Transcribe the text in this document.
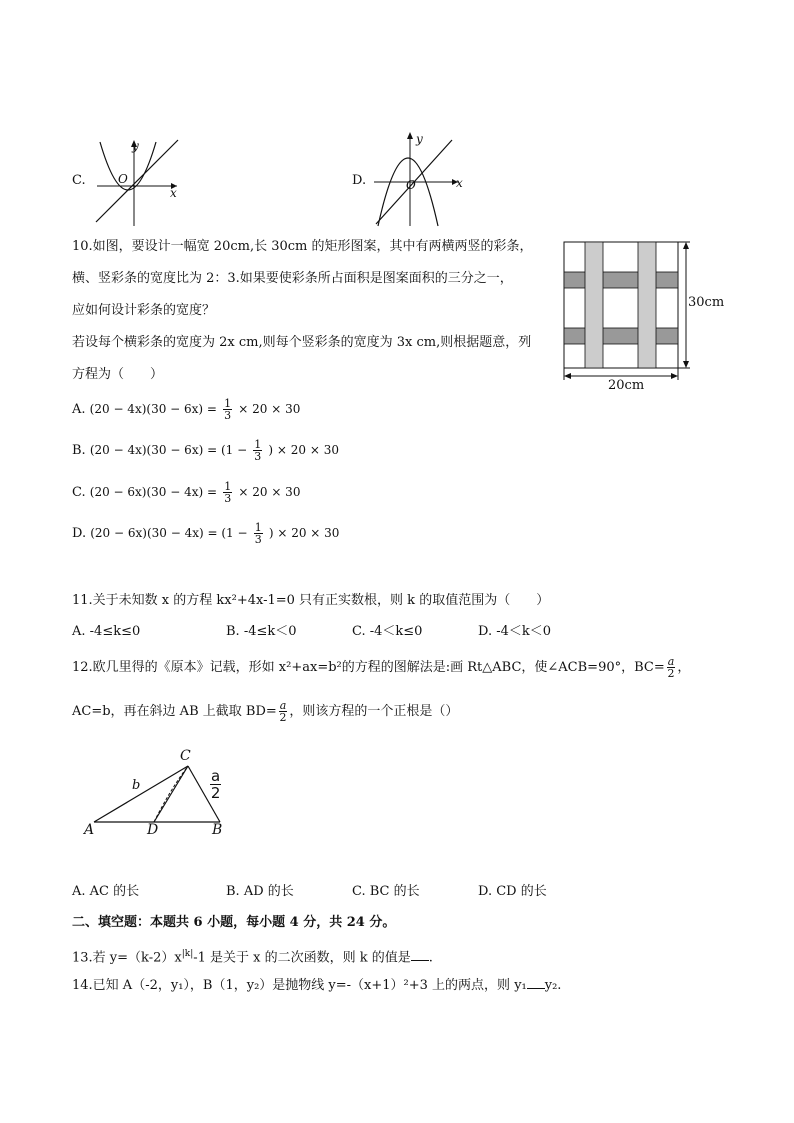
C.
y
O
x
D.
y
O	x
10.如图，要设计一幅宽 20cm,长 30cm 的矩形图案，其中有两横两竖的彩条，
横、竖彩条的宽度比为 2：3.如果要使彩条所占面积是图案面积的三分之一，
应如何设计彩条的宽度？
若设每个横彩条的宽度为 2x cm,则每个竖彩条的宽度为 3x cm,则根据题意，列
方程为（　　）
30cm
20cm
A. $(20 - 4x)(30 - 6x) = \frac{1}{3} \times 20 \times 30$
B. $(20 - 4x)(30 - 6x) = (1 - \frac{1}{3}$ ) × 20 × 30
C. $(20 - 6x)(30 - 4x) = \frac{1}{3} \times 20 \times 30$
D. $(20 - 6x)(30 - 4x) = (1 - \frac{1}{3}$ ) × 20 × 30
11.关于未知数 x 的方程 kx²+4x-1=0 只有正实数根，则 k 的取值范围为（　　）
A. -4≤k≤0	B. -4≤k＜0	C. -4＜k≤0	D. -4＜k＜0
12.欧几里得的《原本》记载，形如 x²+ax=b²的方程的图解法是:画 Rt△ABC，使∠ACB=90°，$BC= \frac{a}{2}$ ，
AC=b，再在斜边 AB 上截取 $BD= \frac{a}{2}$ ，则该方程的一个正根是（）
C
b
A	D	B
a
2
A. AC 的长	B. AD 的长	C. BC 的长	D. CD 的长
二、填空题：本题共 6 小题，每小题 4 分，共 24 分。
13.若 $y=(k-2)x^{|k|}-1$ 是关于 x 的二次函数，则 k 的值是 .
14.已知 A（-2，y₁），B（1，y₂）是抛物线 y=-（x+1）²+3 上的两点，则 y₁ y₂.
